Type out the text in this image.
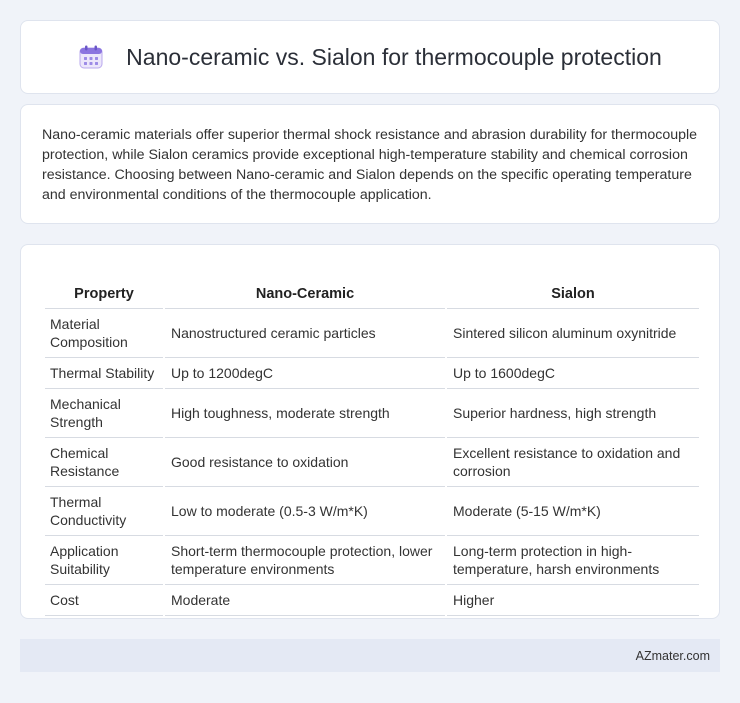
Nano-ceramic vs. Sialon for thermocouple protection

Nano-ceramic materials offer superior thermal shock resistance and abrasion durability for thermocouple protection, while Sialon ceramics provide exceptional high-temperature stability and chemical corrosion resistance. Choosing between Nano-ceramic and Sialon depends on the specific operating temperature and environmental conditions of the thermocouple application.

Property	Nano-Ceramic	Sialon
Material Composition	Nanostructured ceramic particles	Sintered silicon aluminum oxynitride
Thermal Stability	Up to 1200degC	Up to 1600degC
Mechanical Strength	High toughness, moderate strength	Superior hardness, high strength
Chemical Resistance	Good resistance to oxidation	Excellent resistance to oxidation and corrosion
Thermal Conductivity	Low to moderate (0.5-3 W/m*K)	Moderate (5-15 W/m*K)
Application Suitability	Short-term thermocouple protection, lower temperature environments	Long-term protection in high-temperature, harsh environments
Cost	Moderate	Higher
AZmater.com
